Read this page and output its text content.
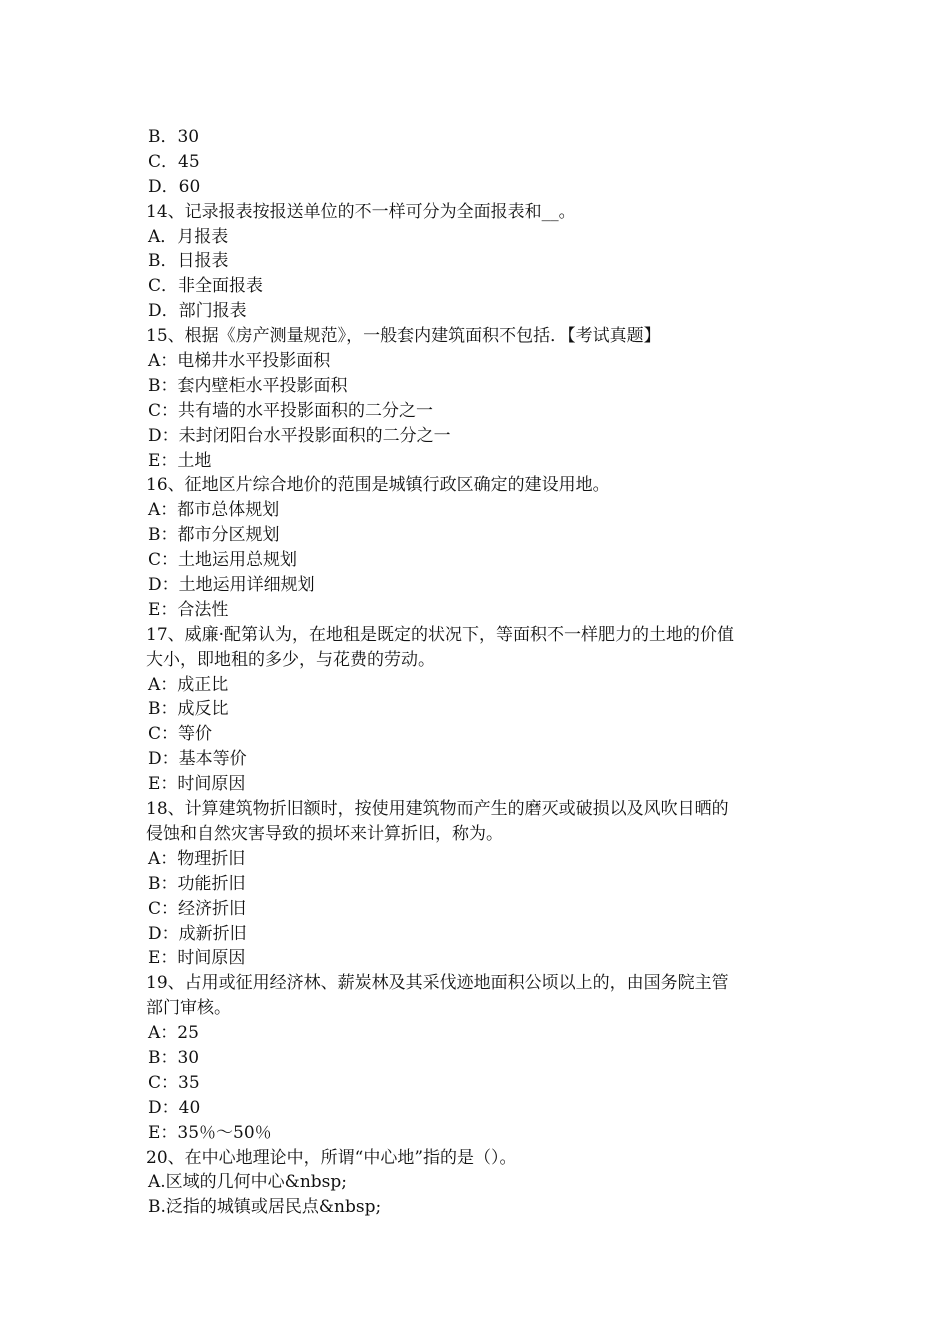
B．30

C．45

D．60

14、记录报表按报送单位的不一样可分为全面报表和__。

A．月报表

B．日报表

C．非全面报表

D．部门报表

15、根据《房产测量规范》，一般套内建筑面积不包括．【考试真题】

A：电梯井水平投影面积

B：套内壁柜水平投影面积

C：共有墙的水平投影面积的二分之一

D：未封闭阳台水平投影面积的二分之一

E：土地

16、征地区片综合地价的范围是城镇行政区确定的建设用地。

A：都市总体规划

B：都市分区规划

C：土地运用总规划

D：土地运用详细规划

E：合法性

17、威廉·配第认为，在地租是既定的状况下，等面积不一样肥力的土地的价值

大小，即地租的多少，与花费的劳动。

A：成正比

B：成反比

C：等价

D：基本等价

E：时间原因

18、计算建筑物折旧额时，按使用建筑物而产生的磨灭或破损以及风吹日晒的

侵蚀和自然灾害导致的损坏来计算折旧，称为。

A：物理折旧

B：功能折旧

C：经济折旧

D：成新折旧

E：时间原因

19、占用或征用经济林、薪炭林及其采伐迹地面积公顷以上的，由国务院主管

部门审核。

A：25

B：30

C：35

D：40

E：35％～50％

20、在中心地理论中，所谓“中心地”指的是（）。

A.区域的几何中心&nbsp;

B.泛指的城镇或居民点&nbsp;
